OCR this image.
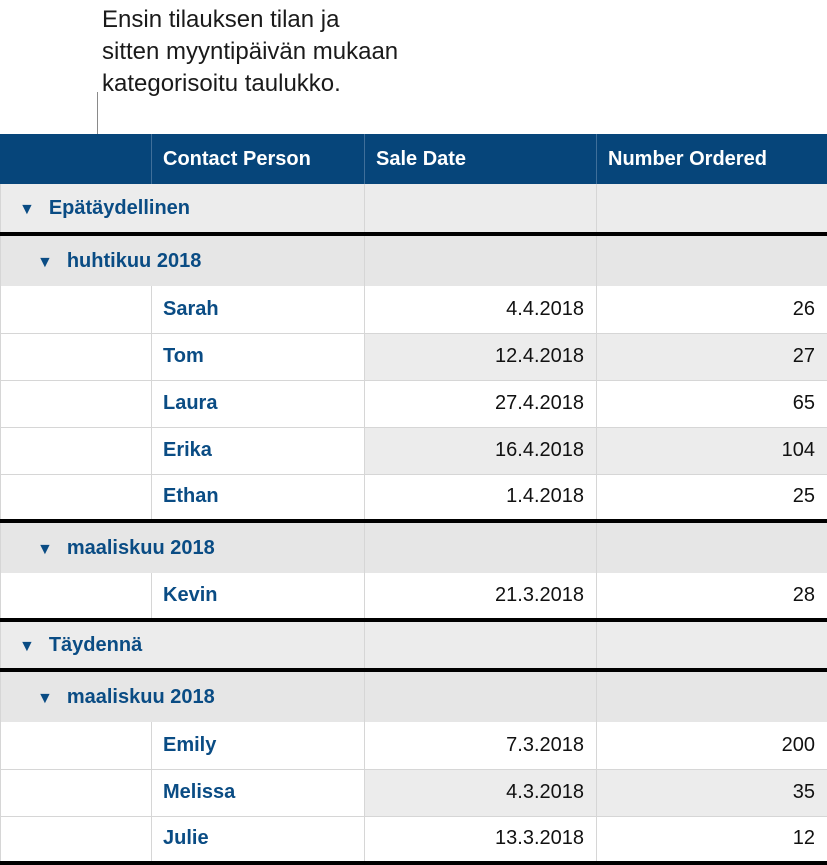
Ensin tilauksen tilan ja
sitten myyntipäivän mukaan
kategorisoitu taulukko.
	Contact Person	Sale Date	Number Ordered
▼ Epätäydellinen			
▼ huhtikuu 2018			
	Sarah	4.4.2018	26
	Tom	12.4.2018	27
	Laura	27.4.2018	65
	Erika	16.4.2018	104
	Ethan	1.4.2018	25
▼ maaliskuu 2018			
	Kevin	21.3.2018	28
▼ Täydennä			
▼ maaliskuu 2018			
	Emily	7.3.2018	200
	Melissa	4.3.2018	35
	Julie	13.3.2018	12
